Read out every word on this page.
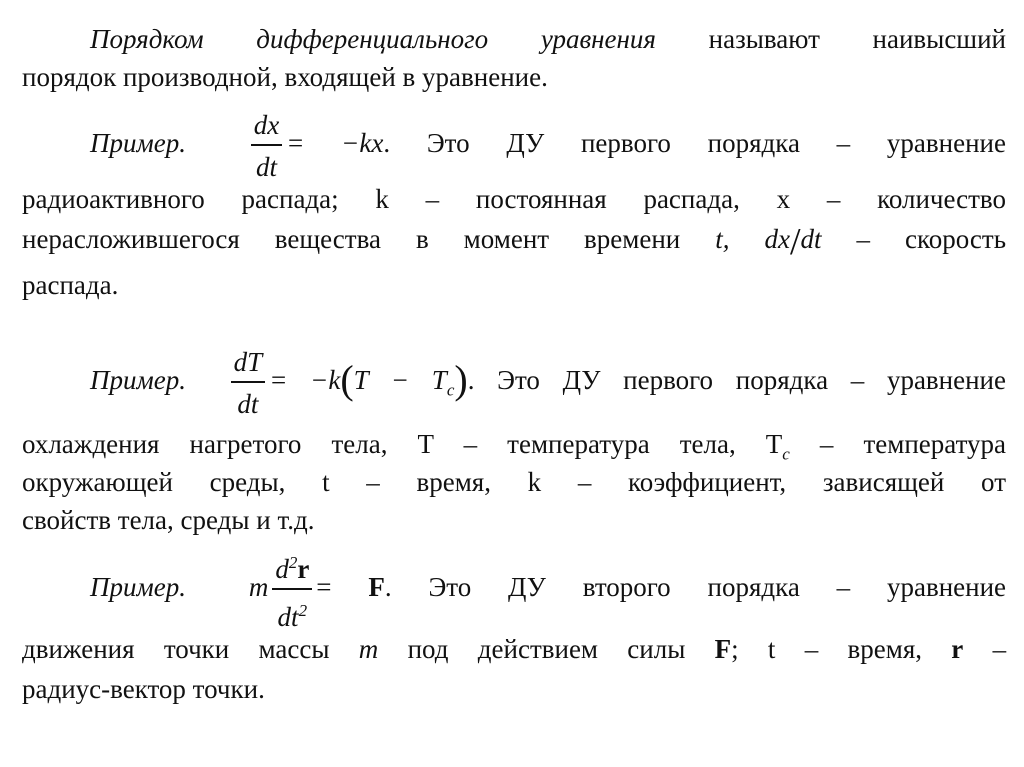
Порядком дифференциального уравнения называют наивысший
порядок производной, входящей в уравнение.
Пример. $\frac{dx}{dt} = -kx$. Это ДУ первого порядка – уравнение
радиоактивного распада; k – постоянная распада, x – количество
нераcложившегося вещества в момент времени t, dx/dt – скорость
распада.
Пример. $\frac{dT}{dt} = -k(T - T_c)$. Это ДУ первого порядка – уравнение
охлаждения нагретого тела, T – температура тела, $T_c$ – температура
окружающей среды, t – время, k – коэффициент, зависящей от
свойств тела, среды и т.д.
Пример. m $\frac{d^2r}{dt^2} = F$. Это ДУ второго порядка – уравнение
движения точки массы m под действием силы F; t – время, r –
радиус-вектор точки.
